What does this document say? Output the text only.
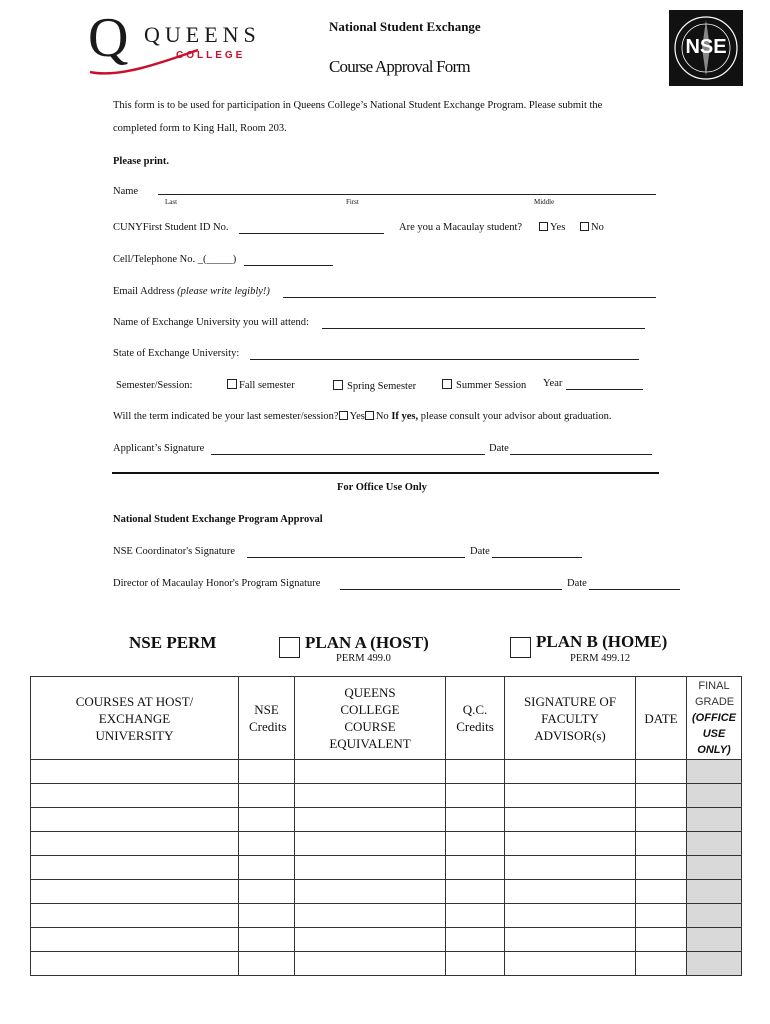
Q QUEENS
COLLEGE
National Student Exchange
Course Approval Form
NSE
This form is to be used for participation in Queens College’s National Student Exchange Program. Please submit the
completed form to King Hall, Room 203.
Please print.
Name
Last	First	Middle
CUNYFirst Student ID No.	Are you a Macaulay student?	Yes	No
Cell/Telephone No. _(_____)
Email Address (please write legibly!)
Name of Exchange University you will attend:
State of Exchange University:
Semester/Session:	Fall semester	Spring Semester	Summer Session Year
Will the term indicated be your last semester/session? Yes No If yes, please consult your advisor about graduation.
Applicant’s Signature	Date
For Office Use Only
National Student Exchange Program Approval
NSE Coordinator's Signature	Date
Director of Macaulay Honor's Program Signature	Date
NSE PERM	PLAN A (HOST)
PERM 499.0
PLAN B (HOME)
PERM 499.12
COURSES AT HOST/ EXCHANGE UNIVERSITY	NSE Credits	QUEENS COLLEGE COURSE EQUIVALENT	Q.C. Credits	SIGNATURE OF FACULTY ADVISOR(s)	DATE	FINAL GRADE
(OFFICE USE ONLY)
